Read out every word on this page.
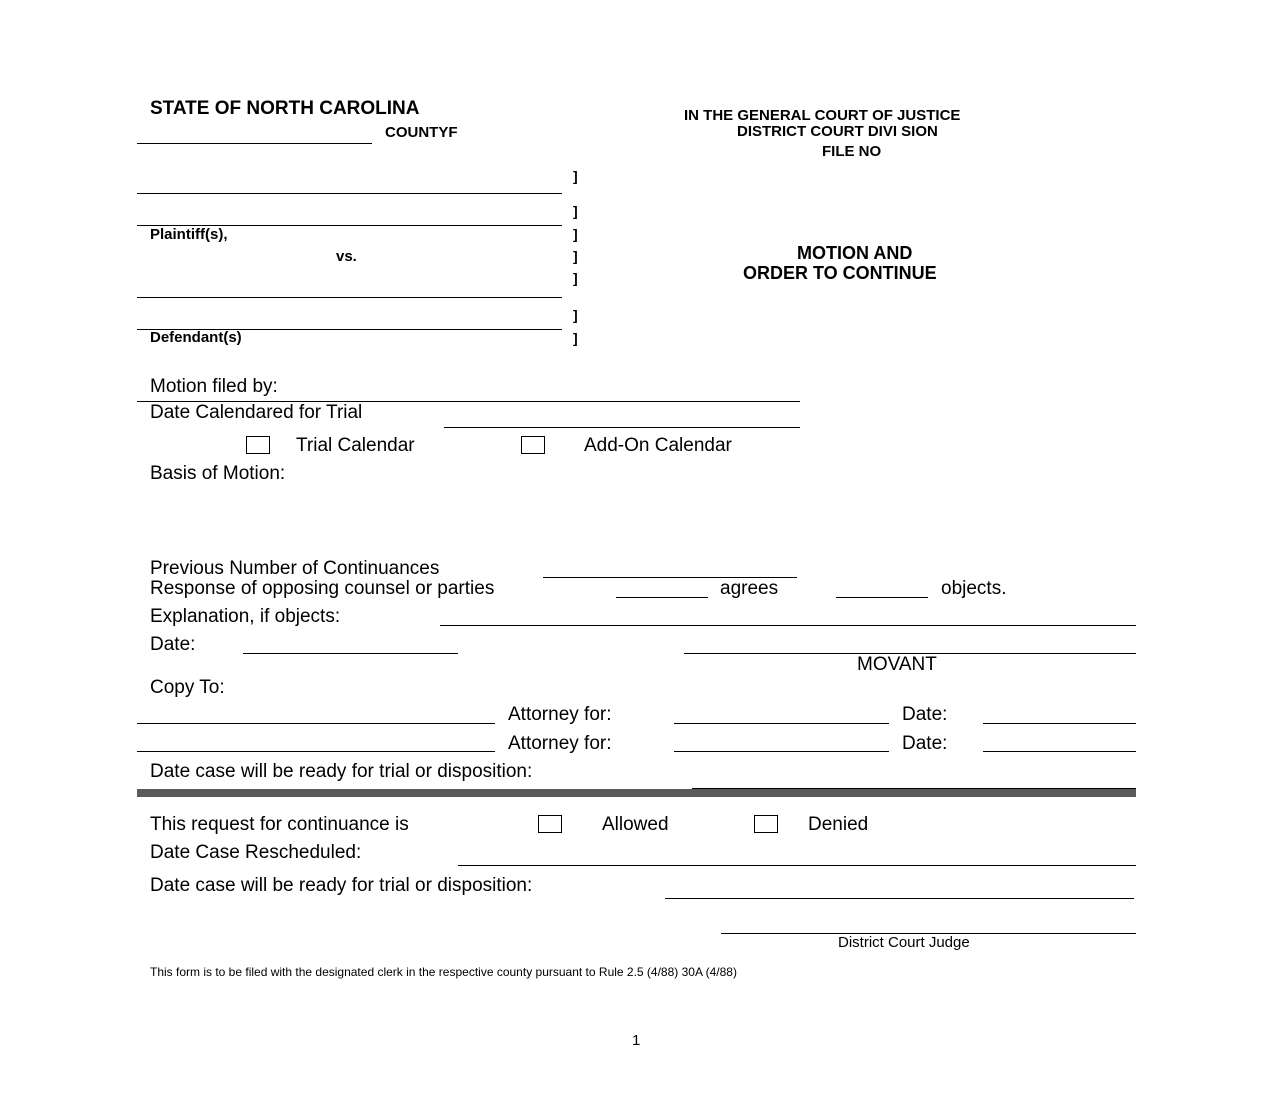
STATE OF NORTH CAROLINA
COUNTYF
IN THE GENERAL COURT OF JUSTICE
DISTRICT COURT DIVI SION
FILE NO
Plaintiff(s),
vs.
Defendant(s)
]
]
]
]
]
]
]
MOTION AND
ORDER TO CONTINUE
Motion filed by:
Date Calendared for Trial
Trial Calendar	Add-On Calendar
Basis of Motion:
Previous Number of Continuances
Response of opposing counsel or parties	agrees	objects.
Explanation, if objects:
Date:
MOVANT
Copy To:
Attorney for:	Date:
Attorney for:	Date:
Date case will be ready for trial or disposition:
This request for continuance is	Allowed	Denied
Date Case Rescheduled:
Date case will be ready for trial or disposition:
District Court Judge
This form is to be filed with the designated clerk in the respective county pursuant to Rule 2.5 (4/88) 30A (4/88)
1
